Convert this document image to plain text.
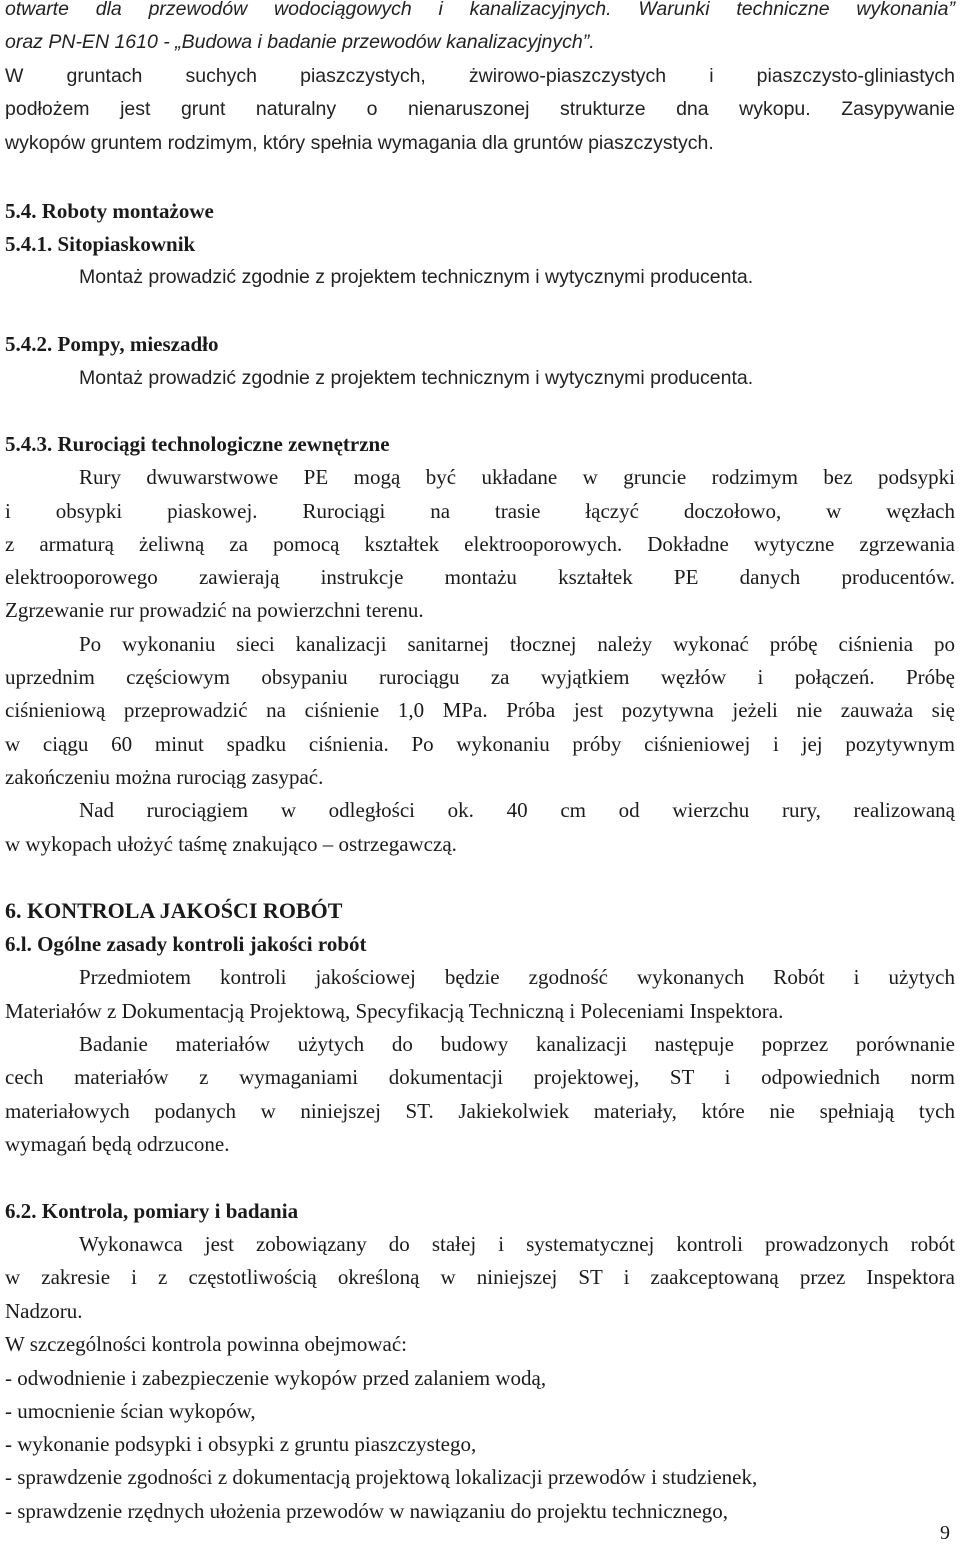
otwarte dla przewodów wodociągowych i kanalizacyjnych. Warunki techniczne wykonania”
oraz PN-EN 1610 - „Budowa i badanie przewodów kanalizacyjnych”.
W gruntach suchych piaszczystych, żwirowo-piaszczystych i piaszczysto-gliniastych
podłożem jest grunt naturalny o nienaruszonej strukturze dna wykopu. Zasypywanie
wykopów gruntem rodzimym, który spełnia wymagania dla gruntów piaszczystych.
5.4. Roboty montażowe
5.4.1. Sitopiaskownik
Montaż prowadzić zgodnie z projektem technicznym i wytycznymi producenta.
5.4.2. Pompy, mieszadło
Montaż prowadzić zgodnie z projektem technicznym i wytycznymi producenta.
5.4.3. Rurociągi technologiczne zewnętrzne
Rury dwuwarstwowe PE mogą być układane w gruncie rodzimym bez podsypki
i obsypki piaskowej. Rurociągi na trasie łączyć doczołowo, w węzłach
z armaturą żeliwną za pomocą kształtek elektrooporowych. Dokładne wytyczne zgrzewania
elektrooporowego zawierają instrukcje montażu kształtek PE danych producentów.
Zgrzewanie rur prowadzić na powierzchni terenu.
Po wykonaniu sieci kanalizacji sanitarnej tłocznej należy wykonać próbę ciśnienia po
uprzednim częściowym obsypaniu rurociągu za wyjątkiem węzłów i połączeń. Próbę
ciśnieniową przeprowadzić na ciśnienie 1,0 MPa. Próba jest pozytywna jeżeli nie zauważa się
w ciągu 60 minut spadku ciśnienia. Po wykonaniu próby ciśnieniowej i jej pozytywnym
zakończeniu można rurociąg zasypać.
Nad rurociągiem w odległości ok. 40 cm od wierzchu rury, realizowaną
w wykopach ułożyć taśmę znakująco – ostrzegawczą.
6. KONTROLA JAKOŚCI ROBÓT
6.l. Ogólne zasady kontroli jakości robót
Przedmiotem kontroli jakościowej będzie zgodność wykonanych Robót i użytych
Materiałów z Dokumentacją Projektową, Specyfikacją Techniczną i Poleceniami Inspektora.
Badanie materiałów użytych do budowy kanalizacji następuje poprzez porównanie
cech materiałów z wymaganiami dokumentacji projektowej, ST i odpowiednich norm
materiałowych podanych w niniejszej ST. Jakiekolwiek materiały, które nie spełniają tych
wymagań będą odrzucone.
6.2. Kontrola, pomiary i badania
Wykonawca jest zobowiązany do stałej i systematycznej kontroli prowadzonych robót
w zakresie i z częstotliwością określoną w niniejszej ST i zaakceptowaną przez Inspektora
Nadzoru.
W szczególności kontrola powinna obejmować:
- odwodnienie i zabezpieczenie wykopów przed zalaniem wodą,
- umocnienie ścian wykopów,
- wykonanie podsypki i obsypki z gruntu piaszczystego,
- sprawdzenie zgodności z dokumentacją projektową lokalizacji przewodów i studzienek,
- sprawdzenie rzędnych ułożenia przewodów w nawiązaniu do projektu technicznego,
9
